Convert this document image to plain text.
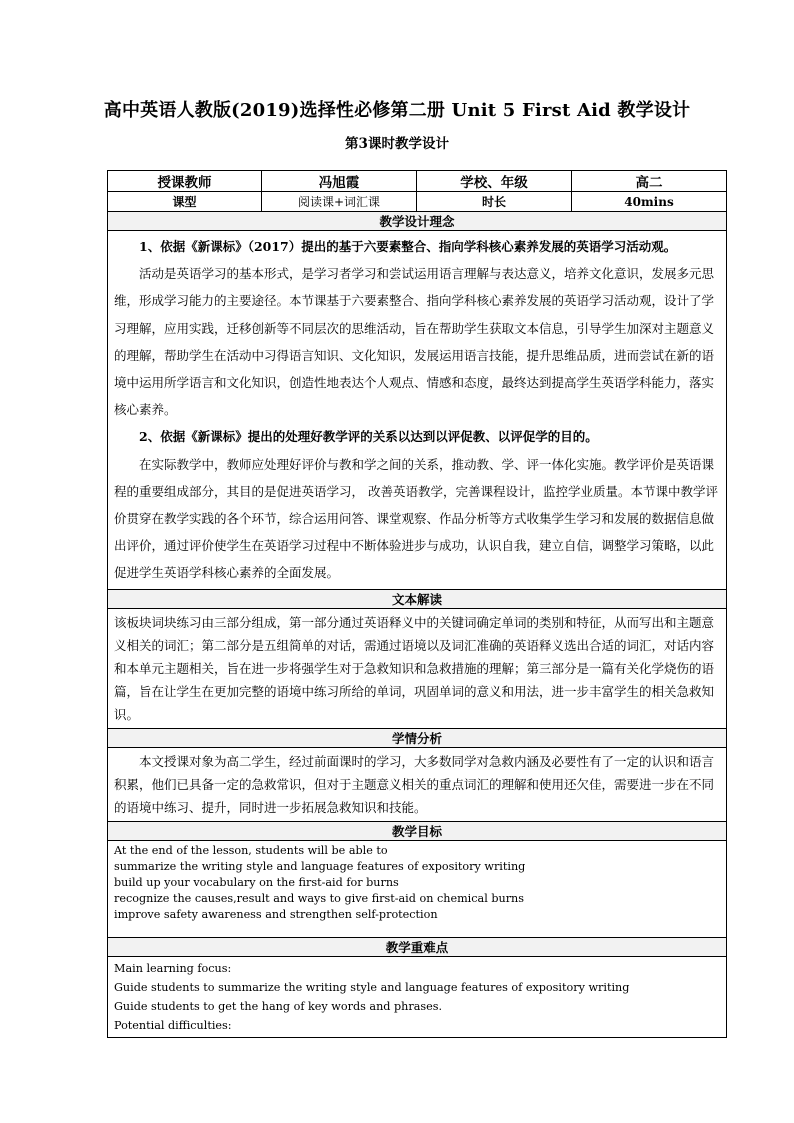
高中英语人教版(2019)选择性必修第二册 Unit 5 First Aid 教学设计
第3课时教学设计
授课教师	冯旭霞	学校、年级	高二
课型	阅读课+词汇课	时长	40mins
教学设计理念			

1、依据《新课标》（2017）提出的基于六要素整合、指向学科核心素养发展的英语学习活动观。

活动是英语学习的基本形式，是学习者学习和尝试运用语言理解与表达意义，培养文化意识，发展多元思维，形成学习能力的主要途径。本节课基于六要素整合、指向学科核心素养发展的英语学习活动观，设计了学习理解，应用实践，迁移创新等不同层次的思维活动，旨在帮助学生获取文本信息，引导学生加深对主题意义的理解，帮助学生在活动中习得语言知识、文化知识，发展运用语言技能，提升思维品质，进而尝试在新的语境中运用所学语言和文化知识，创造性地表达个人观点、情感和态度，最终达到提高学生英语学科能力，落实核心素养。

2、依据《新课标》提出的处理好教学评的关系以达到以评促教、以评促学的目的。

在实际教学中，教师应处理好评价与教和学之间的关系，推动教、学、评一体化实施。教学评价是英语课程的重要组成部分，其目的是促进英语学习， 改善英语教学，完善课程设计，监控学业质量。本节课中教学评价贯穿在教学实践的各个环节，综合运用问答、课堂观察、作品分析等方式收集学生学习和发展的数据信息做出评价，通过评价使学生在英语学习过程中不断体验进步与成功，认识自我，建立自信，调整学习策略，以此促进学生英语学科核心素养的全面发展。			

文本解读			

该板块词块练习由三部分组成，第一部分通过英语释义中的关键词确定单词的类别和特征，从而写出和主题意义相关的词汇；第二部分是五组简单的对话，需通过语境以及词汇准确的英语释义选出合适的词汇，对话内容和本单元主题相关，旨在进一步将强学生对于急救知识和急救措施的理解；第三部分是一篇有关化学烧伤的语篇，旨在让学生在更加完整的语境中练习所给的单词，巩固单词的意义和用法，进一步丰富学生的相关急救知识。			

学情分析			

本文授课对象为高二学生，经过前面课时的学习，大多数同学对急救内涵及必要性有了一定的认识和语言积累，他们已具备一定的急救常识，但对于主题意义相关的重点词汇的理解和使用还欠佳，需要进一步在不同的语境中练习、提升，同时进一步拓展急救知识和技能。			

教学目标			

At the end of the lesson, students will be able to

summarize the writing style and language features of expository writing

build up your vocabulary on the first-aid for burns

recognize the causes,result and ways to give first-aid on chemical burns

improve safety awareness and strengthen self-protection			

教学重难点			

Main learning focus:

Guide students to summarize the writing style and language features of expository writing

Guide students to get the hang of key words and phrases.

Potential difficulties:			
